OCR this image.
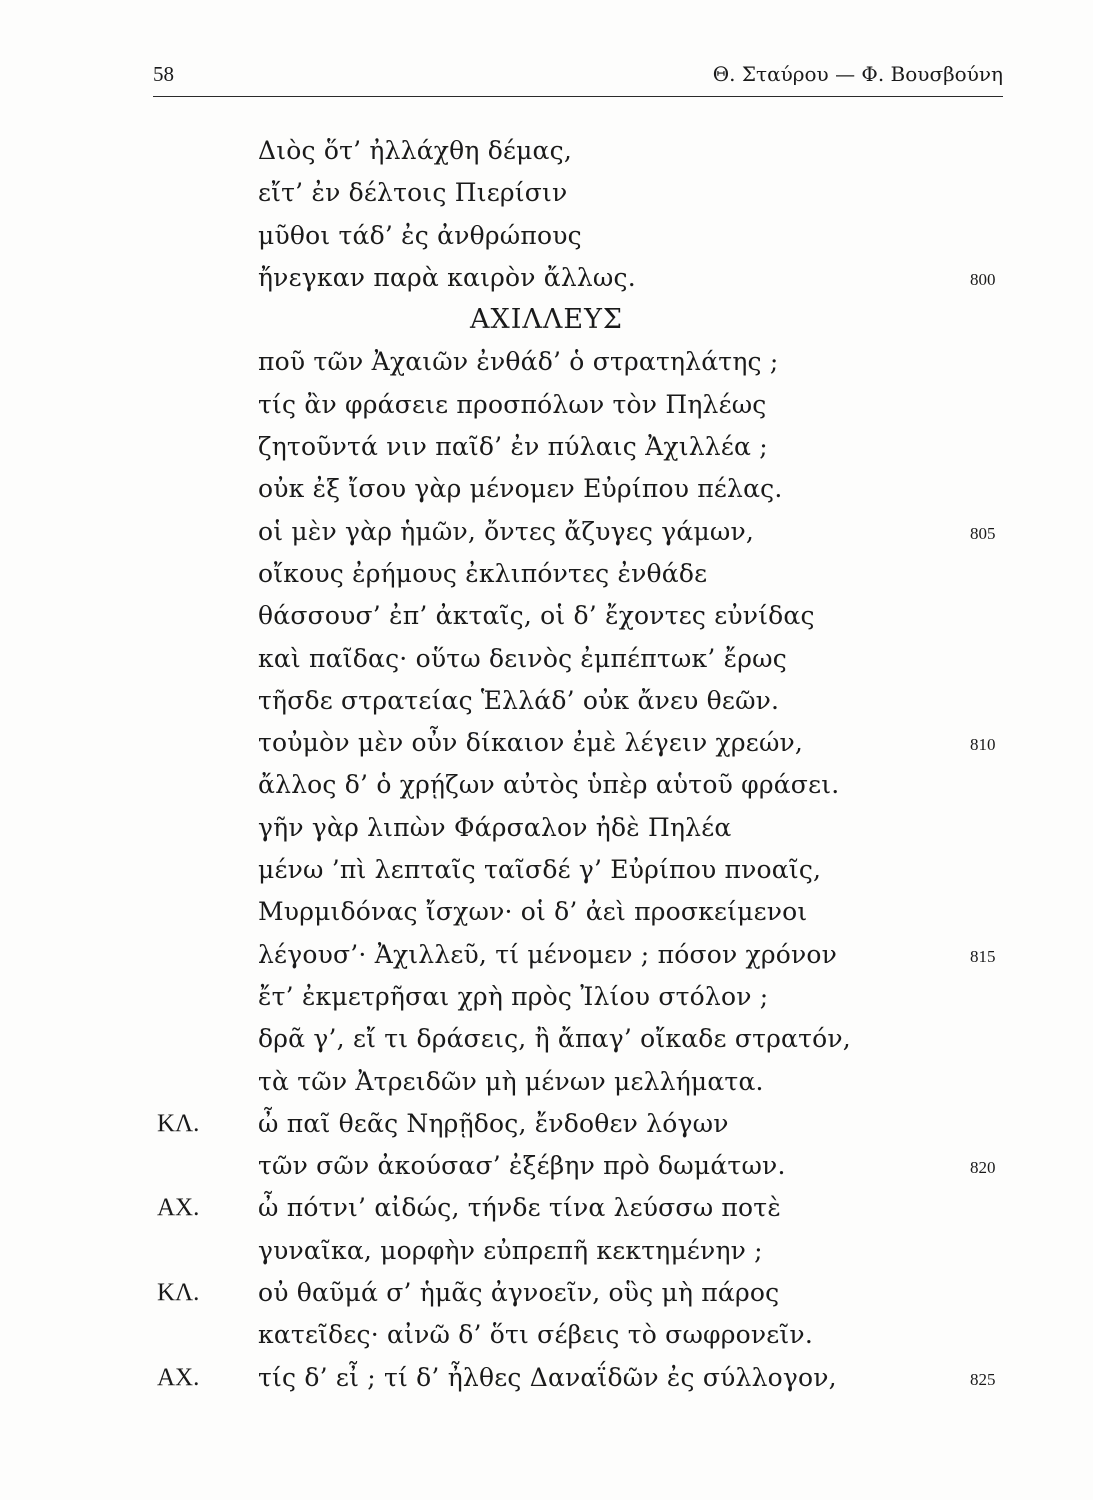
58	Θ. Σταύρου — Φ. Βουσβούνη
Διὸς ὅτ’ ἠλλάχθη δέμας,
εἴτ’ ἐν δέλτοις Πιερίσιν
μῦθοι τάδ’ ἐς ἀνθρώπους
ἤνεγκαν παρὰ καιρὸν ἄλλως.	800
ΑΧΙΛΛΕΥΣ
ποῦ τῶν Ἀχαιῶν ἐνθάδ’ ὁ στρατηλάτης ;
τίς ἂν φράσειε προσπόλων τὸν Πηλέως
ζητοῦντά νιν παῖδ’ ἐν πύλαις Ἀχιλλέα ;
οὐκ ἐξ ἴσου γὰρ μένομεν Εὐρίπου πέλας.
οἱ μὲν γὰρ ἡμῶν, ὄντες ἄζυγες γάμων,	805
οἴκους ἐρήμους ἐκλιπόντες ἐνθάδε
θάσσουσ’ ἐπ’ ἀκταῖς, οἱ δ’ ἔχοντες εὐνίδας
καὶ παῖδας· οὕτω δεινὸς ἐμπέπτωκ’ ἔρως
τῆσδε στρατείας Ἑλλάδ’ οὐκ ἄνευ θεῶν.
τοὐμὸν μὲν οὖν δίκαιον ἐμὲ λέγειν χρεών,	810
ἄλλος δ’ ὁ χρῄζων αὐτὸς ὑπὲρ αὑτοῦ φράσει.
γῆν γὰρ λιπὼν Φάρσαλον ἠδὲ Πηλέα
μένω ’πὶ λεπταῖς ταῖσδέ γ’ Εὐρίπου πνοαῖς,
Μυρμιδόνας ἴσχων· οἱ δ’ ἀεὶ προσκείμενοι
λέγουσ’· Ἀχιλλεῦ, τί μένομεν ; πόσον χρόνον	815
ἔτ’ ἐκμετρῆσαι χρὴ πρὸς Ἰλίου στόλον ;
δρᾶ γ’, εἴ τι δράσεις, ἢ ἄπαγ’ οἴκαδε στρατόν,
τὰ τῶν Ἀτρειδῶν μὴ μένων μελλήματα.
ΚΛ. ὦ παῖ θεᾶς Νηρῇδος, ἔνδοθεν λόγων
τῶν σῶν ἀκούσασ’ ἐξέβην πρὸ δωμάτων.	820
ΑΧ. ὦ πότνι’ αἰδώς, τήνδε τίνα λεύσσω ποτὲ
γυναῖκα, μορφὴν εὐπρεπῆ κεκτημένην ;
ΚΛ. οὐ θαῦμά σ’ ἡμᾶς ἀγνοεῖν, οὓς μὴ πάρος
κατεῖδες· αἰνῶ δ’ ὅτι σέβεις τὸ σωφρονεῖν.
ΑΧ. τίς δ’ εἶ ; τί δ’ ἦλθες Δαναΐδῶν ἐς σύλλογον,	825
